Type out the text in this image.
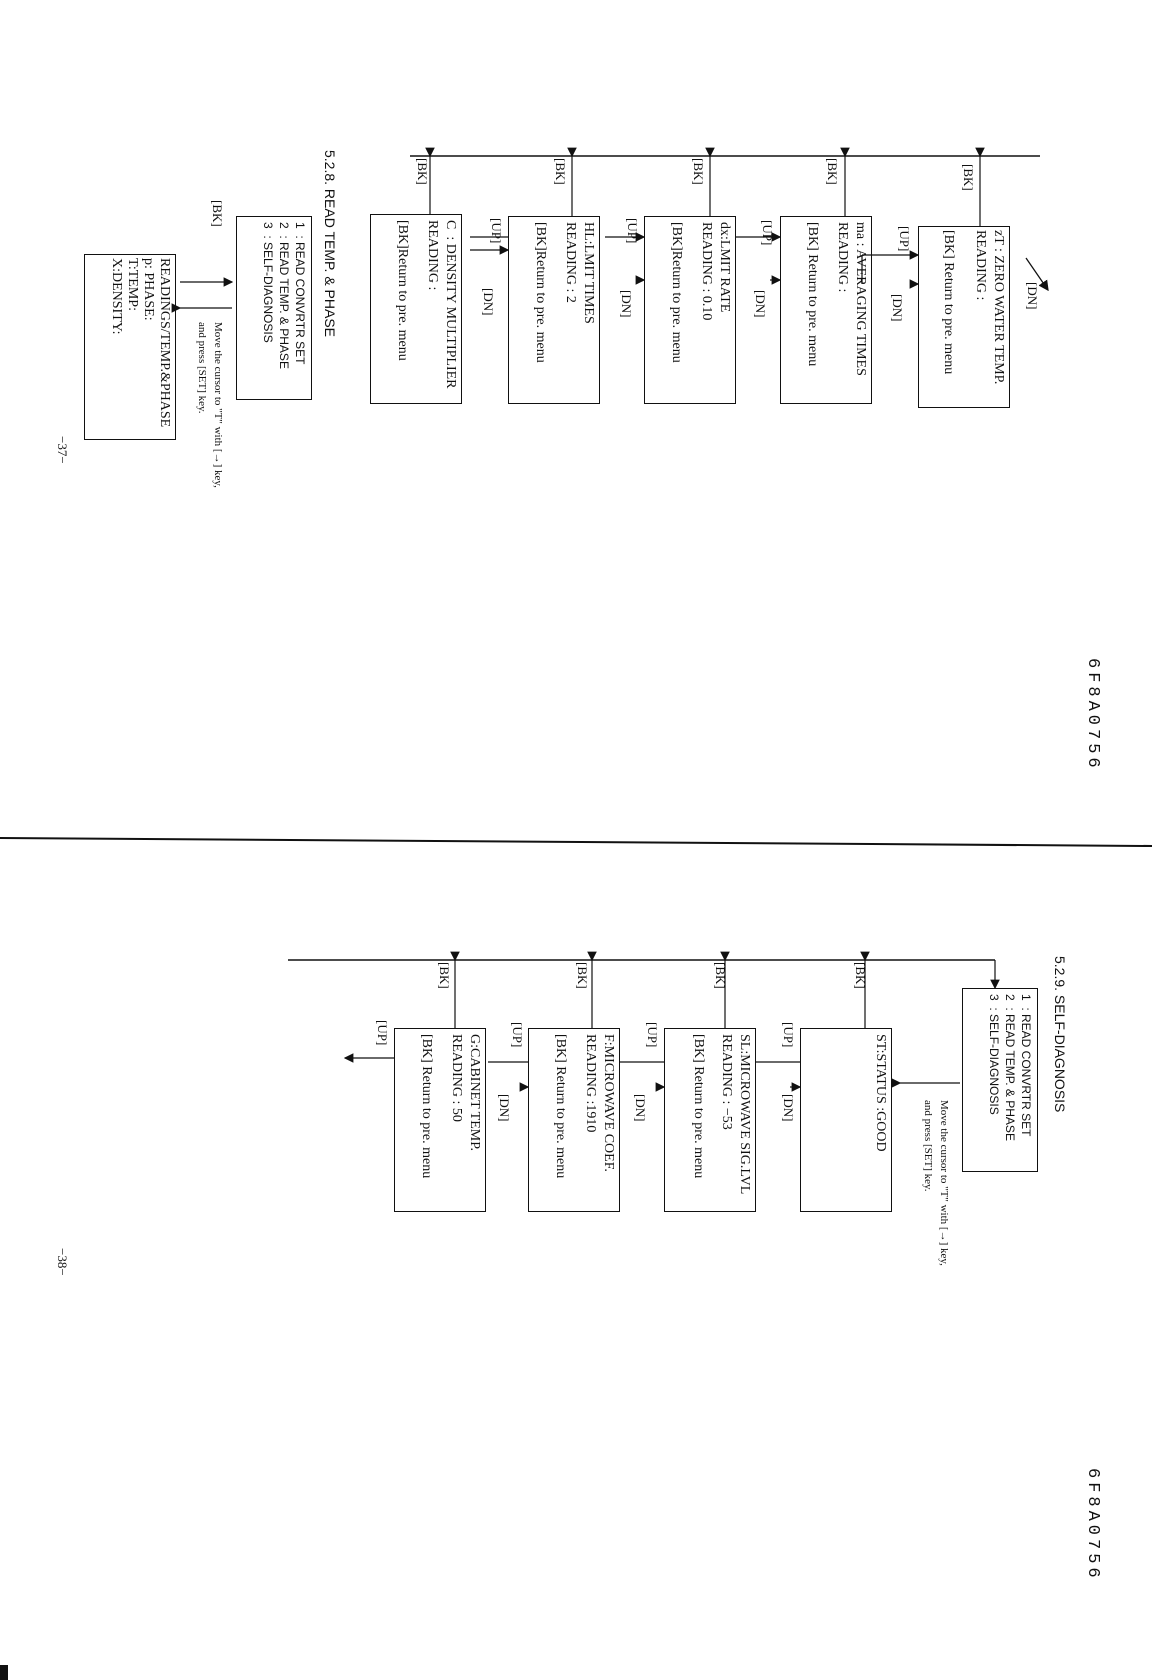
6F8A0756
zT : ZERO WATER TEMP.
READING :
[BK] Return to pre. menu
ma : AVERAGING TIMES
READING :
[BK] Return to pre. menu
dx:LMIT RATE
READING : 0.10
[BK]Return to pre. menu
HL:LMIT TIMES
READING : 2
[BK]Return to pre. menu
C  : DENSITY MULTIPLIER
READING :
[BK]Return to pre. menu	[DN]
[DN]
[DN]
[DN]
[DN]
[BK]
[BK]
[BK]
[BK]
[BK]
[UP]
[UP]
[UP]
[UP]
5.2.8. READ TEMP. & PHASE
1  : READ CONVRTR SET
2  : READ TEMP. & PHASE
3  : SELF-DIAGNOSIS
Move the cursor to "T" with [→] key,
and press [SET] key.
[BK]
READINGS/TEMP.&PHASE
p: PHASE:
T:TEMP:
X:DENSITY:
−37−
6F8A0756
5.2.9. SELF-DIAGNOSIS
1  : READ CONVRTR SET
2  : READ TEMP. & PHASE
3  : SELF-DIAGNOSIS
Move the cursor to "T" with [→] key,
and press [SET] key.
ST:STATUS :GOOD
SL:MICROWAVE SIG.LVL
READING : −53
[BK] Return to pre. menu
F:MICROWAVE COEF.
READING :1910
[BK] Return to pre. menu
G:CABINET TEMP.
READING : 50
[BK] Return to pre. menu
[BK]
[BK]
[BK]
[BK]
[DN]
[DN]
[DN]
[UP]
[UP]
[UP]
[UP]
−38−
